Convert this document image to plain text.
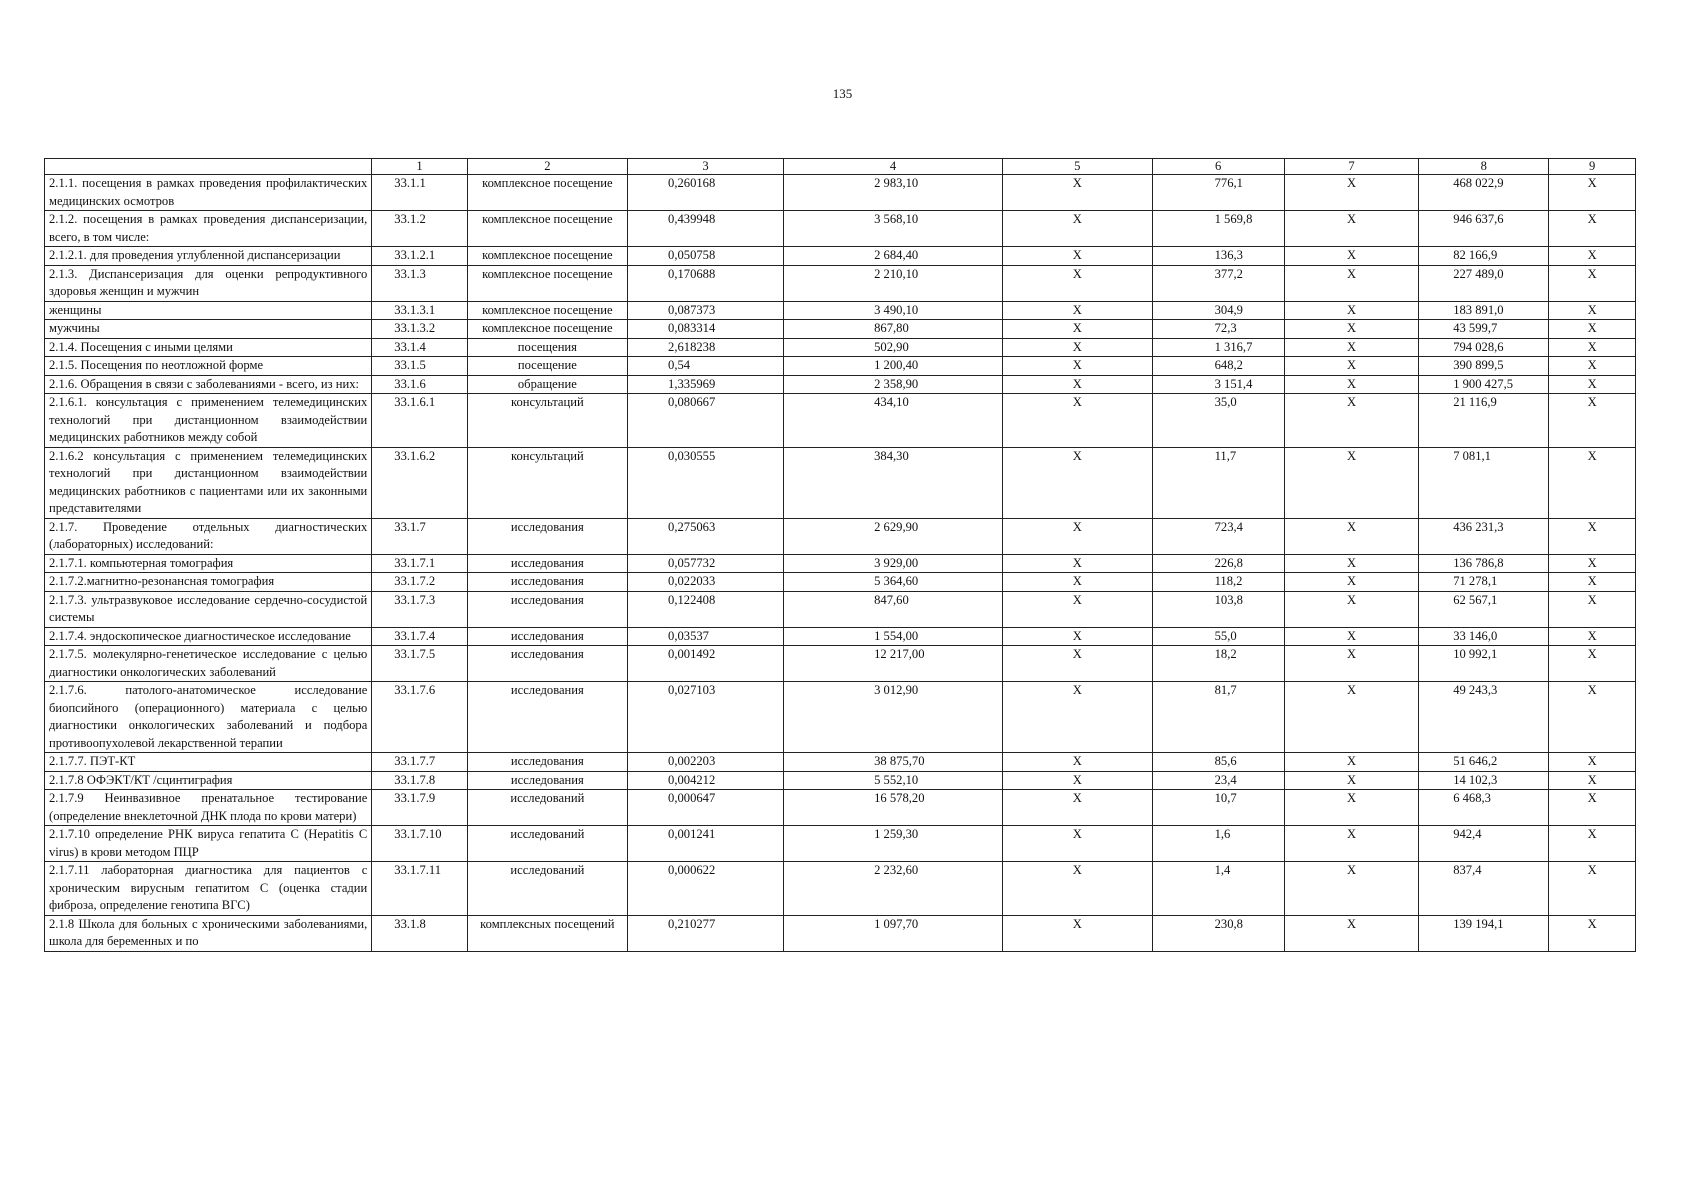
135
	1	2	3	4	5	6	7	8	9
2.1.1. посещения в рамках проведения профилактических медицинских осмотров	33.1.1	комплексное посещение	0,260168	2 983,10	X	776,1	X	468 022,9	X
2.1.2. посещения в рамках проведения диспансеризации, всего, в том числе:	33.1.2	комплексное посещение	0,439948	3 568,10	X	1 569,8	X	946 637,6	X
2.1.2.1. для проведения углубленной диспансеризации	33.1.2.1	комплексное посещение	0,050758	2 684,40	X	136,3	X	82 166,9	X
2.1.3. Диспансеризация для оценки репродуктивного здоровья женщин и мужчин	33.1.3	комплексное посещение	0,170688	2 210,10	X	377,2	X	227 489,0	X
женщины	33.1.3.1	комплексное посещение	0,087373	3 490,10	X	304,9	X	183 891,0	X
мужчины	33.1.3.2	комплексное посещение	0,083314	867,80	X	72,3	X	43 599,7	X
2.1.4. Посещения с иными целями	33.1.4	посещения	2,618238	502,90	X	1 316,7	X	794 028,6	X
2.1.5. Посещения по неотложной форме	33.1.5	посещение	0,54	1 200,40	X	648,2	X	390 899,5	X
2.1.6. Обращения в связи с заболеваниями - всего, из них:	33.1.6	обращение	1,335969	2 358,90	X	3 151,4	X	1 900 427,5	X
2.1.6.1. консультация с применением телемедицинских технологий при дистанционном взаимодействии медицинских работников между собой	33.1.6.1	консультаций	0,080667	434,10	X	35,0	X	21 116,9	X
2.1.6.2 консультация с применением телемедицинских технологий при дистанционном взаимодействии медицинских работников с пациентами или их законными представителями	33.1.6.2	консультаций	0,030555	384,30	X	11,7	X	7 081,1	X
2.1.7. Проведение отдельных диагностических (лабораторных) исследований:	33.1.7	исследования	0,275063	2 629,90	X	723,4	X	436 231,3	X
2.1.7.1. компьютерная томография	33.1.7.1	исследования	0,057732	3 929,00	X	226,8	X	136 786,8	X
2.1.7.2.магнитно-резонансная томография	33.1.7.2	исследования	0,022033	5 364,60	X	118,2	X	71 278,1	X
2.1.7.3. ультразвуковое исследование сердечно-сосудистой системы	33.1.7.3	исследования	0,122408	847,60	X	103,8	X	62 567,1	X
2.1.7.4. эндоскопическое диагностическое исследование	33.1.7.4	исследования	0,03537	1 554,00	X	55,0	X	33 146,0	X
2.1.7.5. молекулярно-генетическое исследование с целью диагностики онкологических заболеваний	33.1.7.5	исследования	0,001492	12 217,00	X	18,2	X	10 992,1	X
2.1.7.6. патолого-анатомическое исследование биопсийного (операционного) материала с целью диагностики онкологических заболеваний и подбора противоопухолевой лекарственной терапии	33.1.7.6	исследования	0,027103	3 012,90	X	81,7	X	49 243,3	X
2.1.7.7. ПЭТ-КТ	33.1.7.7	исследования	0,002203	38 875,70	X	85,6	X	51 646,2	X
2.1.7.8 ОФЭКТ/КТ /сцинтиграфия	33.1.7.8	исследования	0,004212	5 552,10	X	23,4	X	14 102,3	X
2.1.7.9 Неинвазивное пренатальное тестирование (определение внеклеточной ДНК плода по крови матери)	33.1.7.9	исследований	0,000647	16 578,20	X	10,7	X	6 468,3	X
2.1.7.10 определение РНК вируса гепатита С (Hepatitis C virus) в крови методом ПЦР	33.1.7.10	исследований	0,001241	1 259,30	X	1,6	X	942,4	X
2.1.7.11 лабораторная диагностика для пациентов с хроническим вирусным гепатитом С (оценка стадии фиброза, определение генотипа ВГС)	33.1.7.11	исследований	0,000622	2 232,60	X	1,4	X	837,4	X
2.1.8 Школа для больных с хроническими заболеваниями, школа для беременных и по	33.1.8	комплексных посещений	0,210277	1 097,70	X	230,8	X	139 194,1	X
